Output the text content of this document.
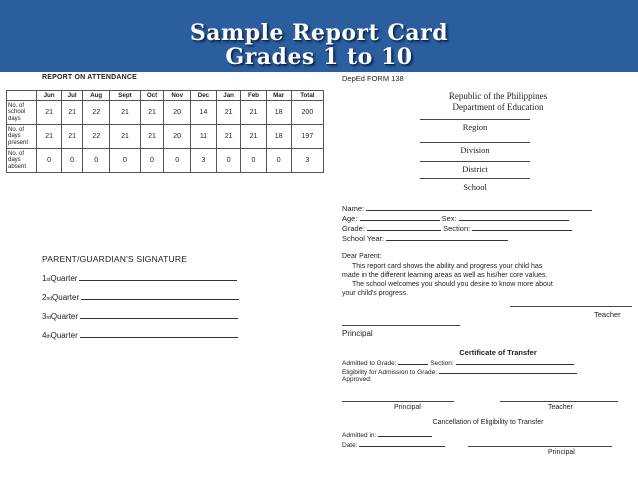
Sample Report Card
Grades 1 to 10
REPORT ON ATTENDANCE
	Jun	Jul	Aug	Sept	Oct	Nov	Dec	Jan	Feb	Mar	Total
No. of school days	21	21	22	21	21	20	14	21	21	18	200
No. of days present	21	21	22	21	21	20	11	21	21	18	197
No. of days absent	0	0	0	0	0	0	3	0	0	0	3
PARENT/GUARDIAN'S SIGNATURE
1 st Quarter
2 nd Quarter
3 rd Quarter
4 th Quarter
DepEd FORM 138
Republic of the Philippines
Department of Education
Region
Division
District
School
Name:
Age:	Sex:
Grade:	Section:
School Year:
Dear Parent:
This report card shows the ability and progress your child has
made in the different learning areas as well as his/her core values.
The school welcomes you should you desire to know more about
your child's progress.
Teacher
Principal
Certificate of Transfer
Admitted to Grade:	Section:
Eligibility for Admission to Grade:
Approved:
Principal	Teacher
Cancellation of Eligibility to Transfer
Admitted in:
Date:
Principal
